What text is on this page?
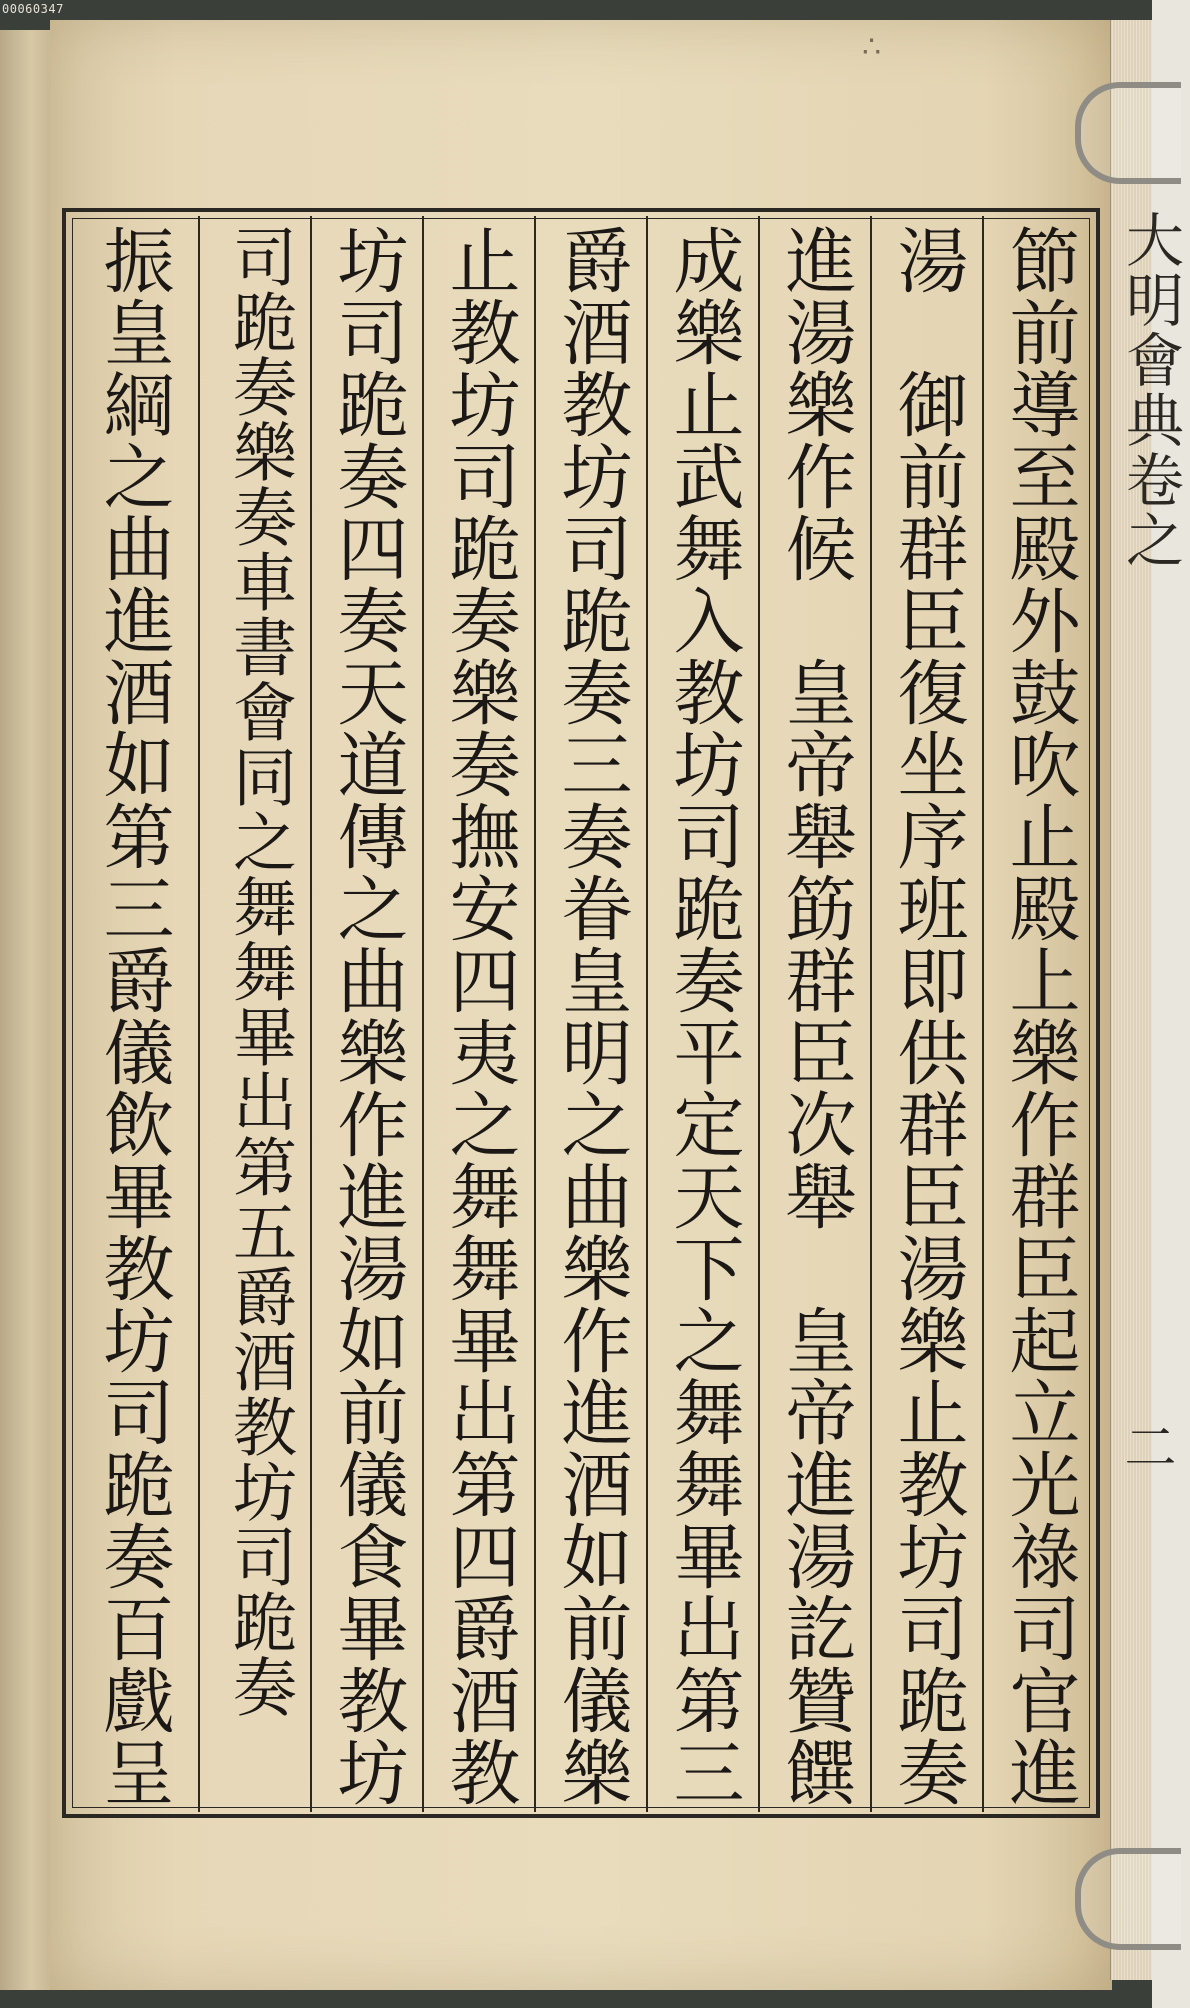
00060347
∴
節前導至殿外鼓吹止殿上樂作群臣起立光祿司官進
湯　御前群臣復坐序班即供群臣湯樂止教坊司跪奏
進湯樂作候　皇帝舉筯群臣次舉　皇帝進湯訖贊饌
成樂止武舞入教坊司跪奏平定天下之舞舞畢出第三
爵酒教坊司跪奏三奏眷皇明之曲樂作進酒如前儀樂
止教坊司跪奏樂奏撫安四夷之舞舞畢出第四爵酒教
坊司跪奏四奏天道傳之曲樂作進湯如前儀食畢教坊
司跪奏樂奏車書會同之舞舞畢出第五爵酒教坊司跪奏
振皇綱之曲進酒如第三爵儀飲畢教坊司跪奏百戲呈	大明會典卷之
二
